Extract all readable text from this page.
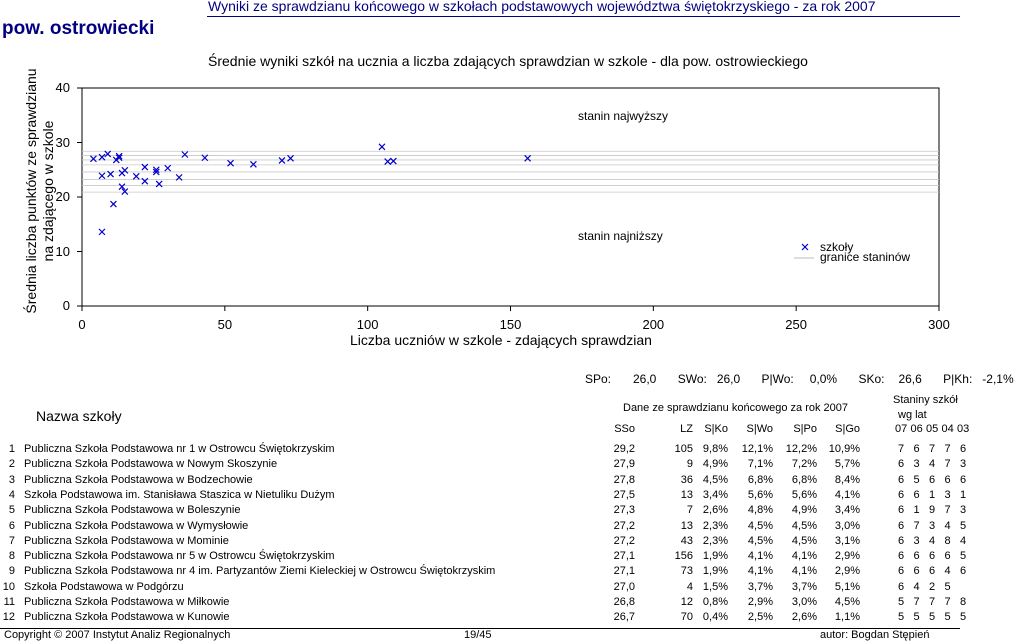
pow. ostrowiecki
Wyniki ze sprawdzianu końcowego w szkołach podstawowych województwa świętokrzyskiego - za rok 2007
Średnie wyniki szkół na ucznia a liczba zdających sprawdzian w szkole - dla pow. ostrowieckiego
Średnia liczba punktów ze sprawdzianu na zdającego w szkole
stanin najwyższy
stanin najniższy
szkoły
granice staninów
0	50	100	150	200	250	300
0
10
20
30
40
Liczba uczniów w szkole - zdających sprawdzian
SPo: 26,0 SWo: 26,0 P|Wo: 0,0% SKo: 26,6 P|Kh: -2,1%
Nazwa szkoły	Dane ze sprawdzianu końcowego za rok 2007
Staniny szkół
wg lat
SSo	LZ	S|Ko	S|Wo	S|Po	S|Go	07 06 05 04 03
1 Publiczna Szkoła Podstawowa nr 1 w Ostrowcu Świętokrzyskim	29,2	105 9,8%	12,1%	12,2%	10,9%	7 6 7 7 6
2 Publiczna Szkoła Podstawowa w Nowym Skoszynie	27,9	9 4,9%	7,1%	7,2%	5,7%	6 3 4 7 3
3 Publiczna Szkoła Podstawowa w Bodzechowie	27,8	36 4,5%	6,8%	6,8%	8,4%	6 5 6 6 6
4 Szkoła Podstawowa im. Stanisława Staszica w Nietuliku Dużym	27,5	13 3,4%	5,6%	5,6%	4,1%	6 6 1 3 1
5 Publiczna Szkoła Podstawowa w Boleszynie	27,3	7 2,6%	4,8%	4,9%	3,4%	6 1 9 7 3
6 Publiczna Szkoła Podstawowa w Wymysłowie	27,2	13 2,3%	4,5%	4,5%	3,0%	6 7 3 4 5
7 Publiczna Szkoła Podstawowa w Mominie	27,2	43 2,3%	4,5%	4,5%	3,1%	6 3 4 8 4
8 Publiczna Szkoła Podstawowa nr 5 w Ostrowcu Świętokrzyskim	27,1	156 1,9%	4,1%	4,1%	2,9%	6 6 6 6 5
9 Publiczna Szkoła Podstawowa nr 4 im. Partyzantów Ziemi Kieleckiej w Ostrowcu Świętokrzyskim	27,1	73 1,9%	4,1%	4,1%	2,9%	6 6 6 4 6
10 Szkoła Podstawowa w Podgórzu	27,0	4 1,5%	3,7%	3,7%	5,1%	6 4 2 5
11 Publiczna Szkoła Podstawowa w Miłkowie	26,8	12 0,8%	2,9%	3,0%	4,5%	5 7 7 7 8
12 Publiczna Szkoła Podstawowa w Kunowie	26,7	70 0,4%	2,5%	2,6%	1,1%	5 5 5 5 5
Copyright © 2007 Instytut Analiz Regionalnych	19/45	autor: Bogdan Stępień
